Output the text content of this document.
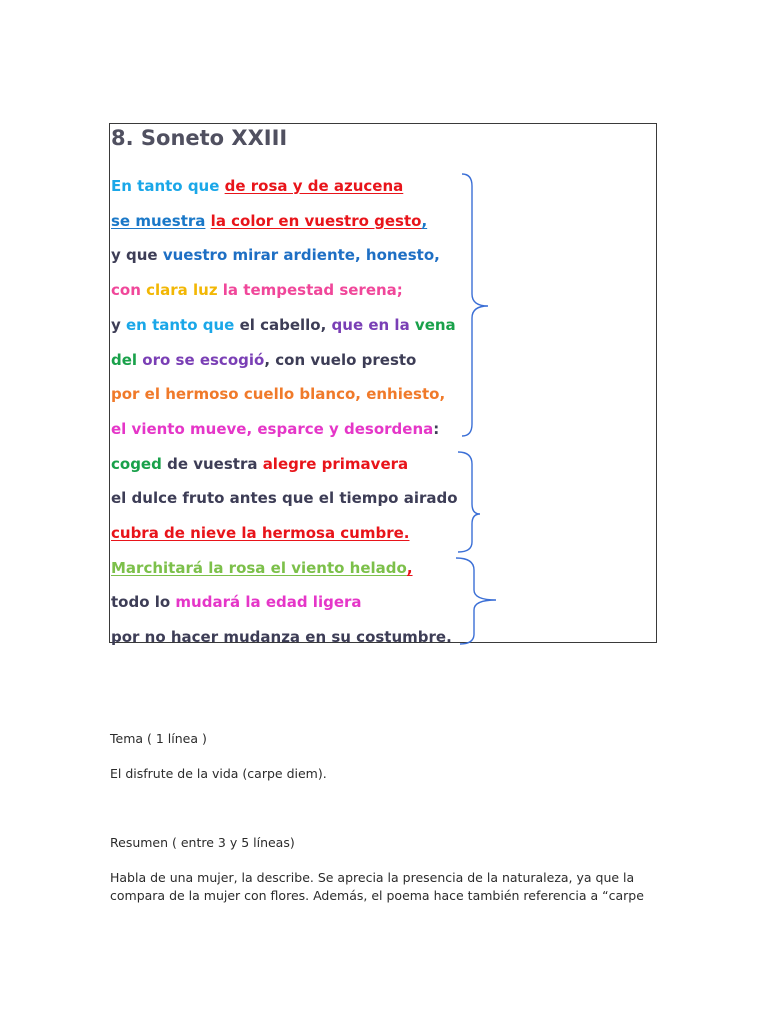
8. Soneto XXIII
En tanto que de rosa y de azucena
se muestra la color en vuestro gesto,
y que vuestro mirar ardiente, honesto,
con clara luz la tempestad serena;
y en tanto que el cabello, que en la vena
del oro se escogió, con vuelo presto
por el hermoso cuello blanco, enhiesto,
el viento mueve, esparce y desordena:
coged de vuestra alegre primavera
el dulce fruto antes que el tiempo airado
cubra de nieve la hermosa cumbre.
Marchitará la rosa el viento helado,
todo lo mudará la edad ligera
por no hacer mudanza en su costumbre.

Tema ( 1 línea )

El disfrute de la vida (carpe diem).

Resumen ( entre 3 y 5 líneas)

Habla de una mujer, la describe. Se aprecia la presencia de la naturaleza, ya que la compara de la mujer con flores. Además, el poema hace también referencia a “carpe
